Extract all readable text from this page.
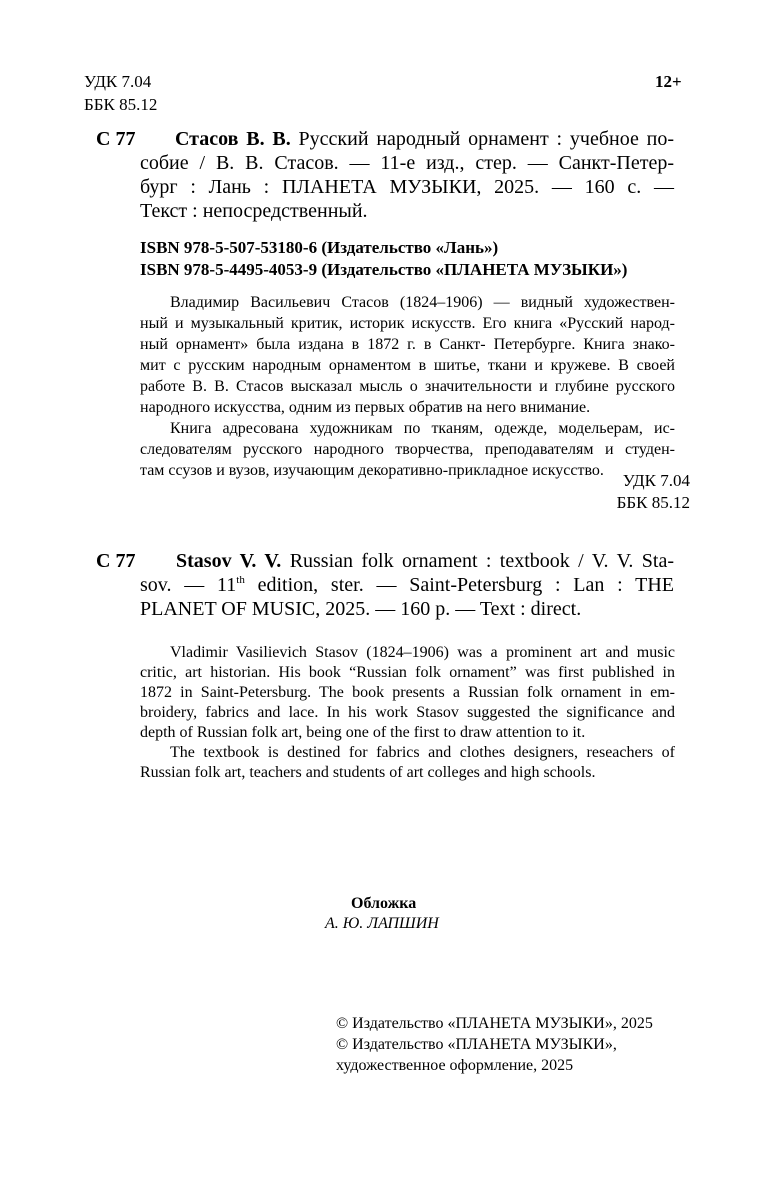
УДК 7.04
ББК 85.12
12+
С 77 Стасов В. В. Русский народный орнамент : учебное по-
собие / В. В. Стасов. — 11-е изд., стер. — Санкт-Петер-
бург : Лань : ПЛАНЕТА МУЗЫКИ, 2025. — 160 с. —
Текст : непосредственный.
ISBN 978-5-507-53180-6 (Издательство «Лань»)
ISBN 978-5-4495-4053-9 (Издательство «ПЛАНЕТА МУЗЫКИ»)
Владимир Васильевич Стасов (1824–1906) — видный художествен-
ный и музыкальный критик, историк искусств. Его книга «Русский народ-
ный орнамент» была издана в 1872 г. в Санкт- Петербурге. Книга знако-
мит с русским народным орнаментом в шитье, ткани и кружеве. В своей
работе В. В. Стасов высказал мысль о значительности и глубине русского
народного искусства, одним из первых обратив на него внимание.
Книга адресована художникам по тканям, одежде, модельерам, ис-
следователям русского народного творчества, преподавателям и студен-
там ссузов и вузов, изучающим декоративно-прикладное искусство.
УДК 7.04
ББК 85.12
С 77 Stasov V. V. Russian folk ornament : textbook / V. V. Sta-
sov. — 11th edition, ster. — Saint-Petersburg : Lan : THE
PLANET OF MUSIC, 2025. — 160 p. — Text : direct.
Vladimir Vasilievich Stasov (1824–1906) was a prominent art and music
critic, art historian. His book “Russian folk ornament” was first published in
1872 in Saint-Petersburg. The book presents a Russian folk ornament in em-
broidery, fabrics and lace. In his work Stasov suggested the significance and
depth of Russian folk art, being one of the first to draw attention to it.
The textbook is destined for fabrics and clothes designers, reseachers of
Russian folk art, teachers and students of art colleges and high schools.
Обложка
А. Ю. ЛАПШИН
© Издательство «ПЛАНЕТА МУЗЫКИ», 2025
© Издательство «ПЛАНЕТА МУЗЫКИ»,
художественное оформление, 2025
